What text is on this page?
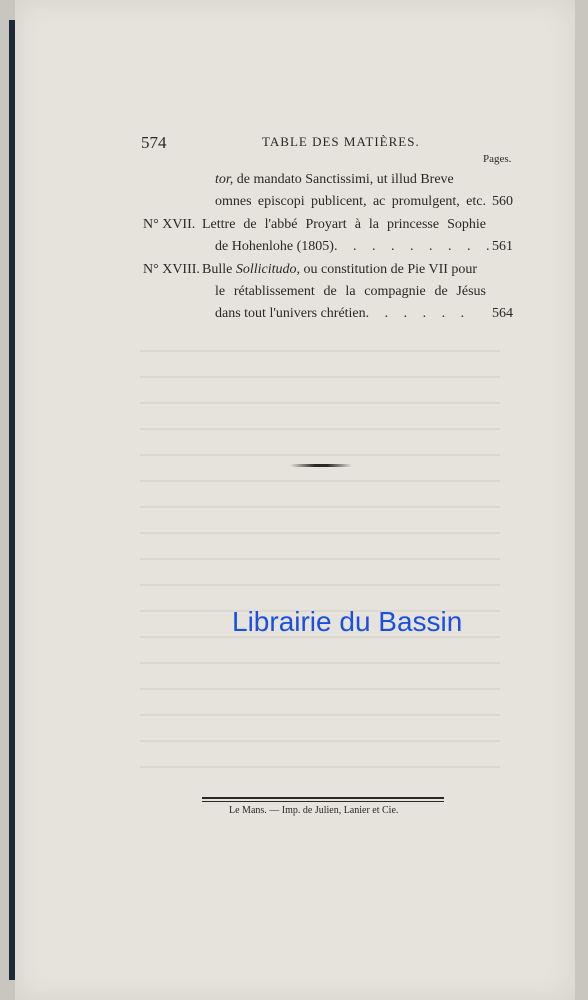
574	TABLE DES MATIÈRES.
Pages.
tor, de mandato Sanctissimi, ut illud Breve
omnes episcopi publicent, ac promulgent, etc. 560
N° XVII. Lettre de l'abbé Proyart à la princesse Sophie
de Hohenlohe (1805). . . . . . . . .
561
N° XVIII. Bulle Sollicitudo, ou constitution de Pie VII pour
le rétablissement de la compagnie de Jésus
dans tout l'univers chrétien. . . . . .	564
Librairie du Bassin
Le Mans. — Imp. de Julien, Lanier et Cie.
